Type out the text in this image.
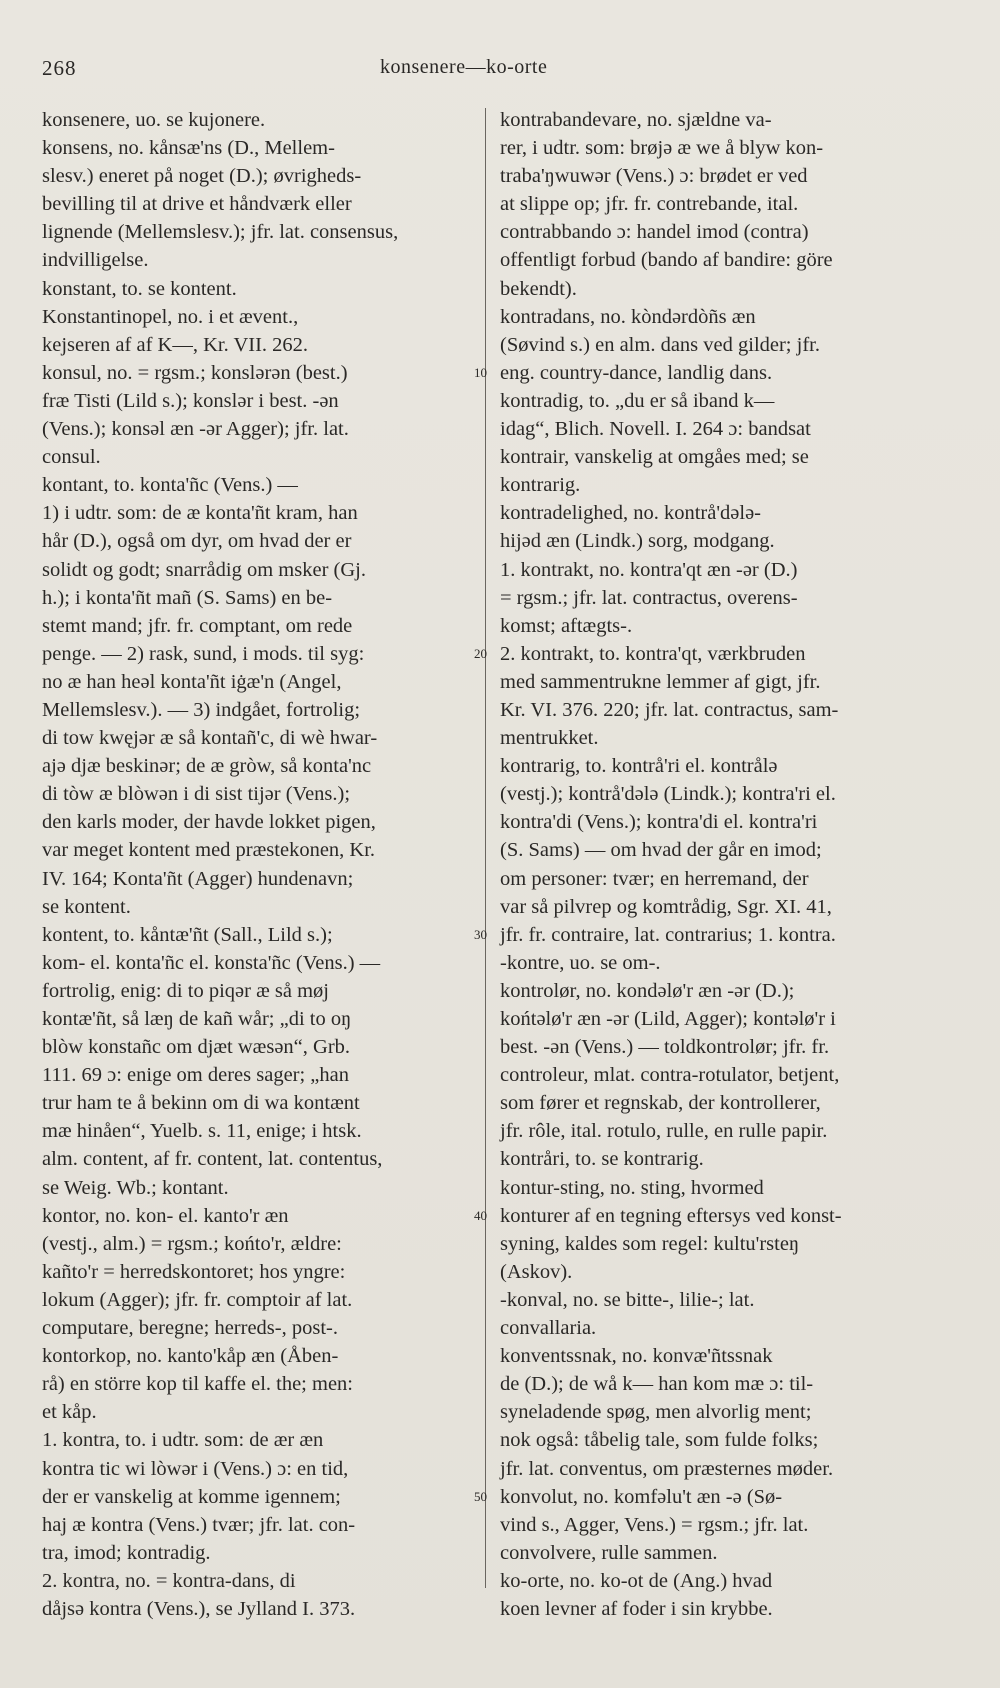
268	konsenere—ko-orte
konsenere, uo. se kujonere.
konsens, no. kånsæ'ns (D., Mellem-
slesv.) eneret på noget (D.); øvrigheds-
bevilling til at drive et håndværk eller
lignende (Mellemslesv.); jfr. lat. consensus,
indvilligelse.
konstant, to. se kontent.
Konstantinopel, no. i et ævent.,
kejseren af af K—, Kr. VII. 262.
konsul, no. = rgsm.; konslərən (best.)
fræ Tisti (Lild s.); konslər i best. -ən
(Vens.); konsəl æn -ər Agger); jfr. lat.
consul.
kontant, to. konta'ñc (Vens.) —
1) i udtr. som: de æ konta'ñt kram, han
hår (D.), også om dyr, om hvad der er
solidt og godt; snarrådig om msker (Gj.
h.); i konta'ñt mañ (S. Sams) en be-
stemt mand; jfr. fr. comptant, om rede
penge. — 2) rask, sund, i mods. til syg:
no æ han heəl konta'ñt iġæ'n (Angel,
Mellemslesv.). — 3) indgået, fortrolig;
di tow kwęjər æ så kontañ'c, di wè hwar-
ajə djæ beskinər; de æ gròw, så konta'nc
di tòw æ blòwən i di sist tijər (Vens.);
den karls moder, der havde lokket pigen,
var meget kontent med præstekonen, Kr.
IV. 164; Konta'ñt (Agger) hundenavn;
se kontent.
kontent, to. kåntæ'ñt (Sall., Lild s.);
kom- el. konta'ñc el. konsta'ñc (Vens.) —
fortrolig, enig: di to piqər æ så møj
kontæ'ñt, så læŋ de kañ wår; „di to oŋ
blòw konstañc om djæt wæsən“, Grb.
111. 69 ɔ: enige om deres sager; „han
trur ham te å bekinn om di wa kontænt
mæ hinåen“, Yuelb. s. 11, enige; i htsk.
alm. content, af fr. content, lat. contentus,
se Weig. Wb.; kontant.
kontor, no. kon- el. kanto'r æn
(vestj., alm.) = rgsm.; końto'r, ældre:
kañto'r = herredskontoret; hos yngre:
lokum (Agger); jfr. fr. comptoir af lat.
computare, beregne; herreds-, post-.
kontorkop, no. kanto'kåp æn (Åben-
rå) en större kop til kaffe el. the; men:
et kåp.
1. kontra, to. i udtr. som: de ær æn
kontra tic wi lòwər i (Vens.) ɔ: en tid,
der er vanskelig at komme igennem;
haj æ kontra (Vens.) tvær; jfr. lat. con-
tra, imod; kontradig.
2. kontra, no. = kontra-dans, di
dåjsə kontra (Vens.), se Jylland I. 373.
10
20
30
40
50
kontrabandevare, no. sjældne va-
rer, i udtr. som: brøjə æ we å blyw kon-
traba'ŋwuwər (Vens.) ɔ: brødet er ved
at slippe op; jfr. fr. contrebande, ital.
contrabbando ɔ: handel imod (contra)
offentligt forbud (bando af bandire: göre
bekendt).
kontradans, no. kòndərdòñs æn
(Søvind s.) en alm. dans ved gilder; jfr.
eng. country-dance, landlig dans.
kontradig, to. „du er så iband k—
idag“, Blich. Novell. I. 264 ɔ: bandsat
kontrair, vanskelig at omgåes med; se
kontrarig.
kontradelighed, no. kontrå'dələ-
hijəd æn (Lindk.) sorg, modgang.
1. kontrakt, no. kontra'qt æn -ər (D.)
= rgsm.; jfr. lat. contractus, overens-
komst; aftægts-.
2. kontrakt, to. kontra'qt, værkbruden
med sammentrukne lemmer af gigt, jfr.
Kr. VI. 376. 220; jfr. lat. contractus, sam-
mentrukket.
kontrarig, to. kontrå'ri el. kontrålə
(vestj.); kontrå'dələ (Lindk.); kontra'ri el.
kontra'di (Vens.); kontra'di el. kontra'ri
(S. Sams) — om hvad der går en imod;
om personer: tvær; en herremand, der
var så pilvrep og komtrådig, Sgr. XI. 41,
jfr. fr. contraire, lat. contrarius; 1. kontra.
-kontre, uo. se om-.
kontrolør, no. kondəlø'r æn -ər (D.);
końtəlø'r æn -ər (Lild, Agger); kontəlø'r i
best. -ən (Vens.) — toldkontrolør; jfr. fr.
controleur, mlat. contra-rotulator, betjent,
som fører et regnskab, der kontrollerer,
jfr. rôle, ital. rotulo, rulle, en rulle papir.
kontråri, to. se kontrarig.
kontur-sting, no. sting, hvormed
konturer af en tegning eftersys ved konst-
syning, kaldes som regel: kultu'rsteŋ
(Askov).
-konval, no. se bitte-, lilie-; lat.
convallaria.
konventssnak, no. konvæ'ñtssnak
de (D.); de wå k— han kom mæ ɔ: til-
syneladende spøg, men alvorlig ment;
nok også: tåbelig tale, som fulde folks;
jfr. lat. conventus, om præsternes møder.
konvolut, no. komfəlu't æn -ə (Sø-
vind s., Agger, Vens.) = rgsm.; jfr. lat.
convolvere, rulle sammen.
ko-orte, no. ko-ot de (Ang.) hvad
koen levner af foder i sin krybbe.
